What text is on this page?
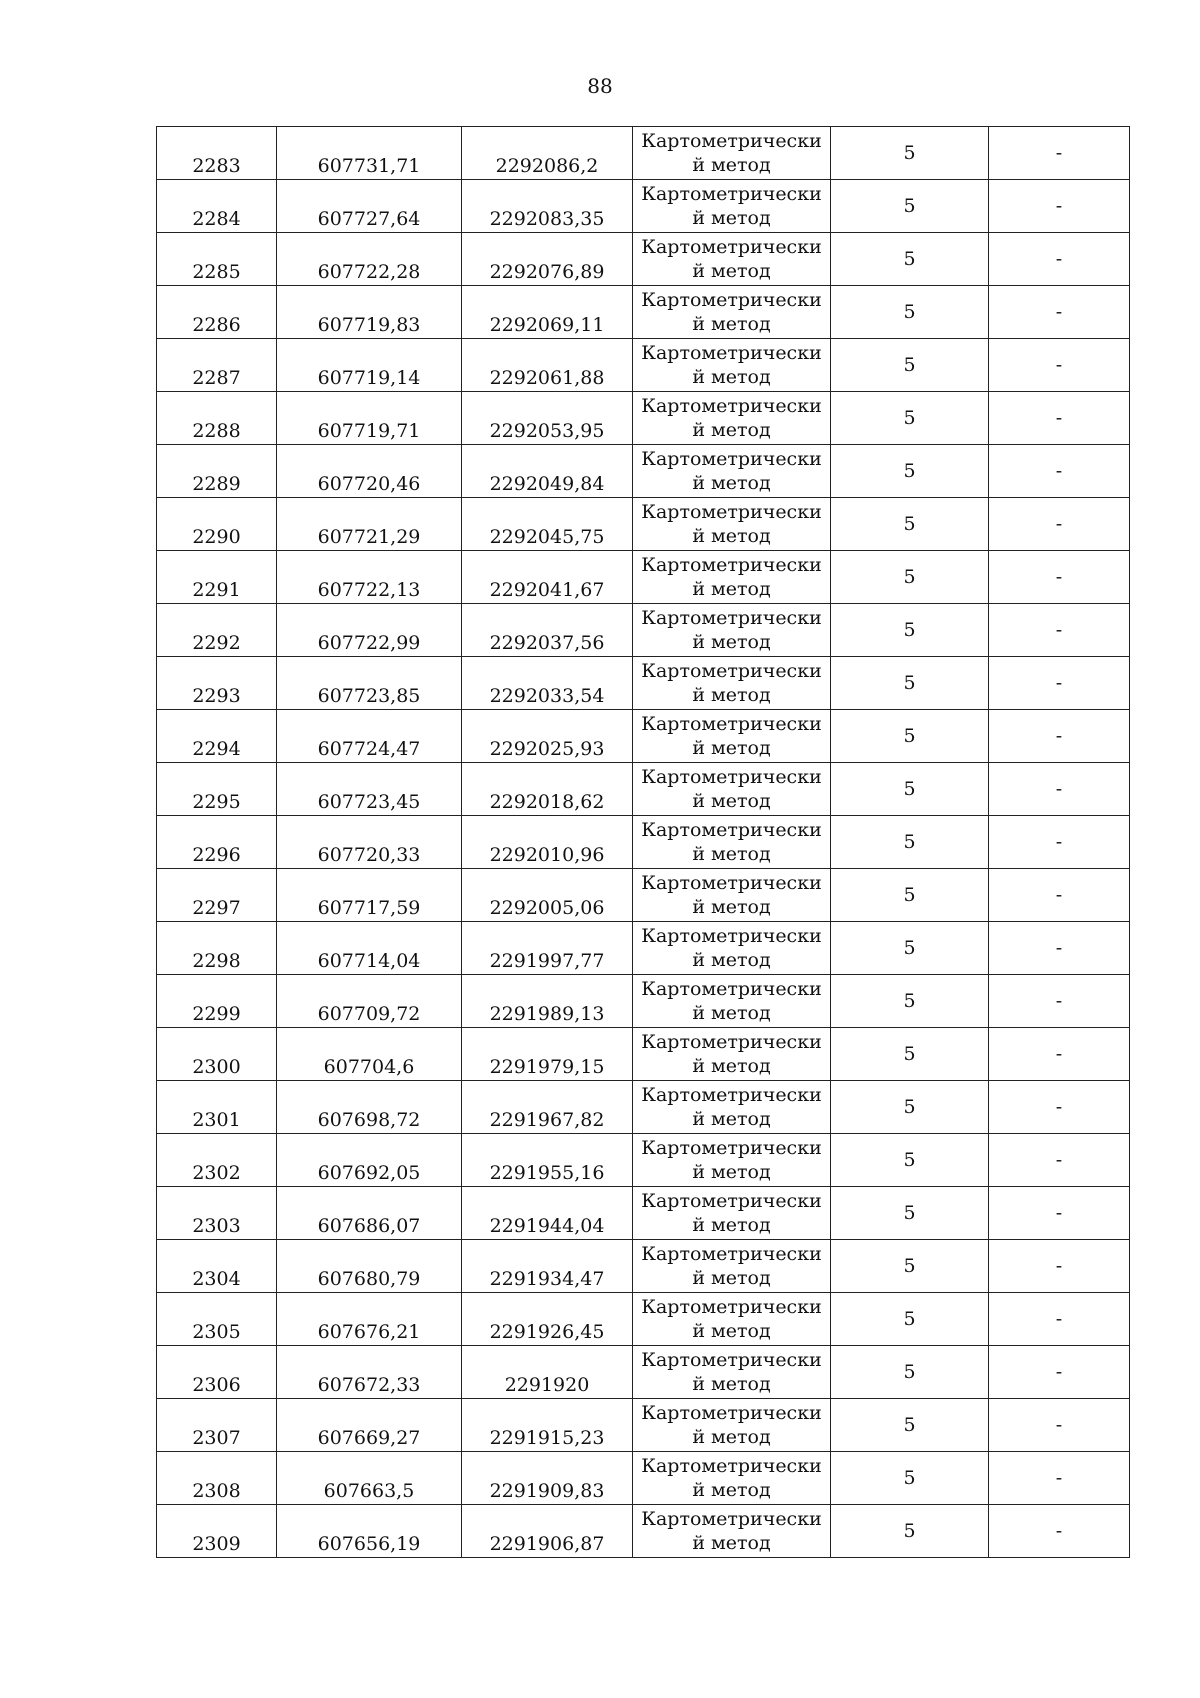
88
2283	607731,71	2292086,2	Картометрически
й метод	5	-
2284	607727,64	2292083,35	Картометрически
й метод	5	-
2285	607722,28	2292076,89	Картометрически
й метод	5	-
2286	607719,83	2292069,11	Картометрически
й метод	5	-
2287	607719,14	2292061,88	Картометрически
й метод	5	-
2288	607719,71	2292053,95	Картометрически
й метод	5	-
2289	607720,46	2292049,84	Картометрически
й метод	5	-
2290	607721,29	2292045,75	Картометрически
й метод	5	-
2291	607722,13	2292041,67	Картометрически
й метод	5	-
2292	607722,99	2292037,56	Картометрически
й метод	5	-
2293	607723,85	2292033,54	Картометрически
й метод	5	-
2294	607724,47	2292025,93	Картометрически
й метод	5	-
2295	607723,45	2292018,62	Картометрически
й метод	5	-
2296	607720,33	2292010,96	Картометрически
й метод	5	-
2297	607717,59	2292005,06	Картометрически
й метод	5	-
2298	607714,04	2291997,77	Картометрически
й метод	5	-
2299	607709,72	2291989,13	Картометрически
й метод	5	-
2300	607704,6	2291979,15	Картометрически
й метод	5	-
2301	607698,72	2291967,82	Картометрически
й метод	5	-
2302	607692,05	2291955,16	Картометрически
й метод	5	-
2303	607686,07	2291944,04	Картометрически
й метод	5	-
2304	607680,79	2291934,47	Картометрически
й метод	5	-
2305	607676,21	2291926,45	Картометрически
й метод	5	-
2306	607672,33	2291920	Картометрически
й метод	5	-
2307	607669,27	2291915,23	Картометрически
й метод	5	-
2308	607663,5	2291909,83	Картометрически
й метод	5	-
2309	607656,19	2291906,87	Картометрически
й метод	5	-
